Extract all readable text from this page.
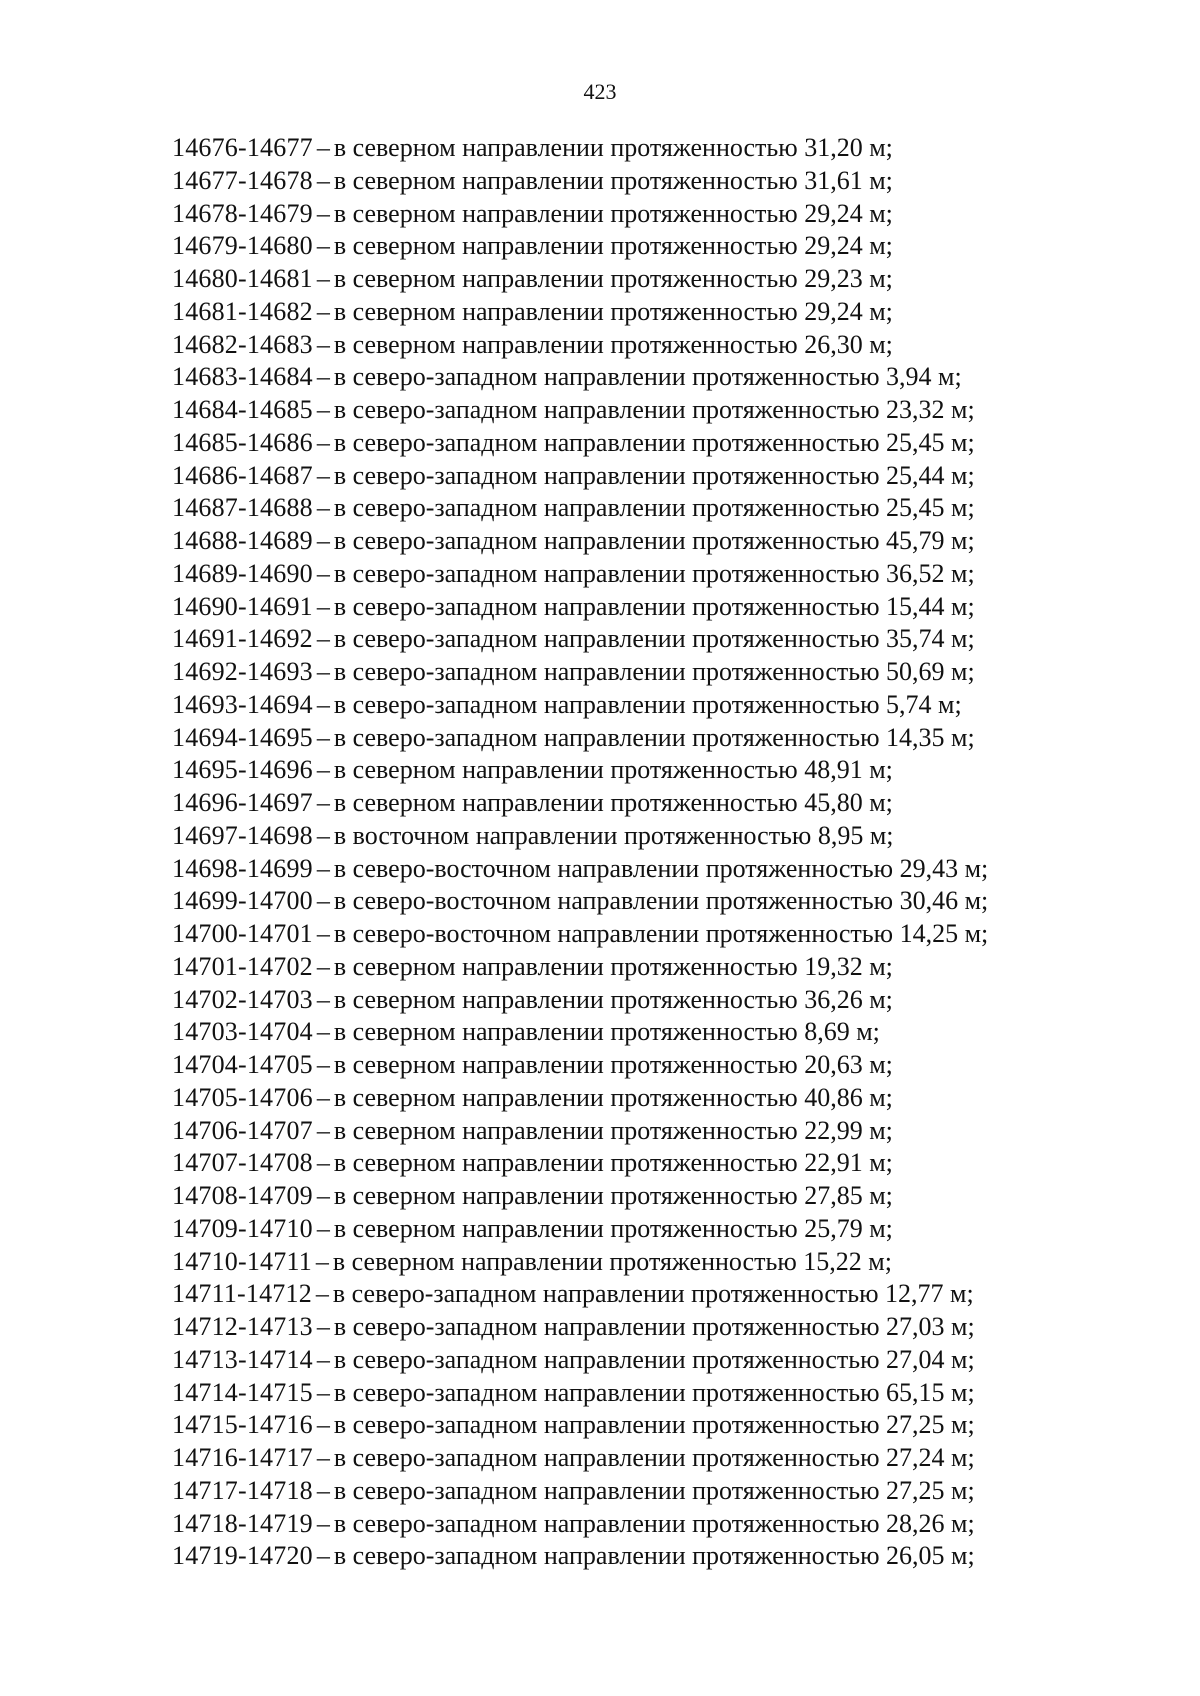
423
14676-14677 – в северном направлении протяженностью 31,20 м;
14677-14678 – в северном направлении протяженностью 31,61 м;
14678-14679 – в северном направлении протяженностью 29,24 м;
14679-14680 – в северном направлении протяженностью 29,24 м;
14680-14681 – в северном направлении протяженностью 29,23 м;
14681-14682 – в северном направлении протяженностью 29,24 м;
14682-14683 – в северном направлении протяженностью 26,30 м;
14683-14684 – в северо-западном направлении протяженностью 3,94 м;
14684-14685 – в северо-западном направлении протяженностью 23,32 м;
14685-14686 – в северо-западном направлении протяженностью 25,45 м;
14686-14687 – в северо-западном направлении протяженностью 25,44 м;
14687-14688 – в северо-западном направлении протяженностью 25,45 м;
14688-14689 – в северо-западном направлении протяженностью 45,79 м;
14689-14690 – в северо-западном направлении протяженностью 36,52 м;
14690-14691 – в северо-западном направлении протяженностью 15,44 м;
14691-14692 – в северо-западном направлении протяженностью 35,74 м;
14692-14693 – в северо-западном направлении протяженностью 50,69 м;
14693-14694 – в северо-западном направлении протяженностью 5,74 м;
14694-14695 – в северо-западном направлении протяженностью 14,35 м;
14695-14696 – в северном направлении протяженностью 48,91 м;
14696-14697 – в северном направлении протяженностью 45,80 м;
14697-14698 – в восточном направлении протяженностью 8,95 м;
14698-14699 – в северо-восточном направлении протяженностью 29,43 м;
14699-14700 – в северо-восточном направлении протяженностью 30,46 м;
14700-14701 – в северо-восточном направлении протяженностью 14,25 м;
14701-14702 – в северном направлении протяженностью 19,32 м;
14702-14703 – в северном направлении протяженностью 36,26 м;
14703-14704 – в северном направлении протяженностью 8,69 м;
14704-14705 – в северном направлении протяженностью 20,63 м;
14705-14706 – в северном направлении протяженностью 40,86 м;
14706-14707 – в северном направлении протяженностью 22,99 м;
14707-14708 – в северном направлении протяженностью 22,91 м;
14708-14709 – в северном направлении протяженностью 27,85 м;
14709-14710 – в северном направлении протяженностью 25,79 м;
14710-14711 – в северном направлении протяженностью 15,22 м;
14711-14712 – в северо-западном направлении протяженностью 12,77 м;
14712-14713 – в северо-западном направлении протяженностью 27,03 м;
14713-14714 – в северо-западном направлении протяженностью 27,04 м;
14714-14715 – в северо-западном направлении протяженностью 65,15 м;
14715-14716 – в северо-западном направлении протяженностью 27,25 м;
14716-14717 – в северо-западном направлении протяженностью 27,24 м;
14717-14718 – в северо-западном направлении протяженностью 27,25 м;
14718-14719 – в северо-западном направлении протяженностью 28,26 м;
14719-14720 – в северо-западном направлении протяженностью 26,05 м;
